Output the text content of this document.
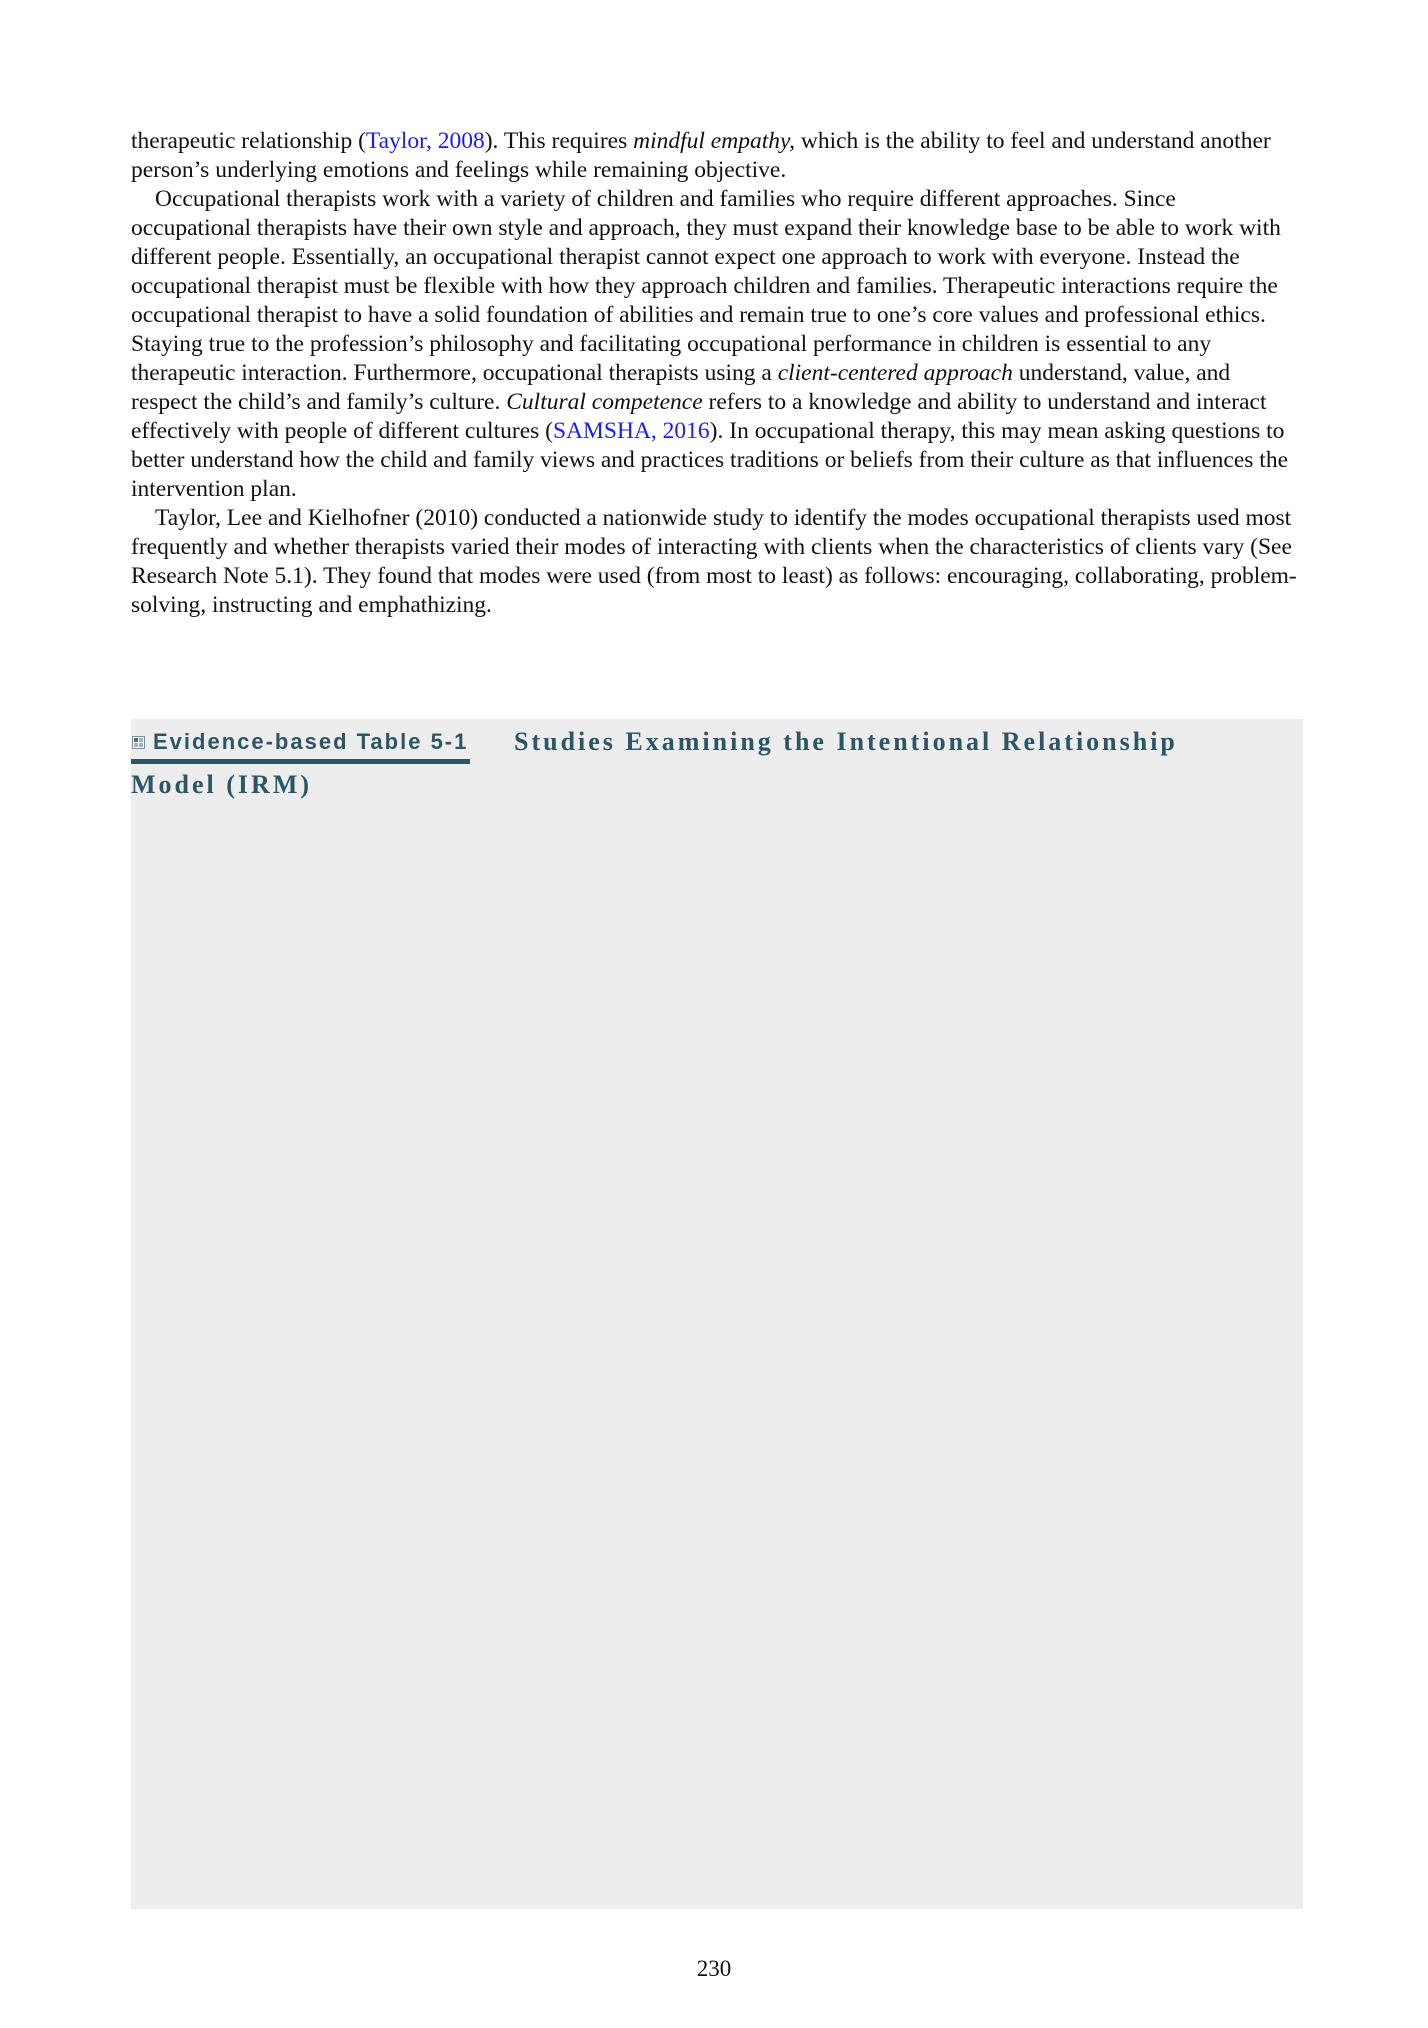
therapeutic relationship (Taylor, 2008). This requires mindful empathy, which is the ability to feel and understand another person’s underlying emotions and feelings while remaining objective.

Occupational therapists work with a variety of children and families who require different approaches. Since occupational therapists have their own style and approach, they must expand their knowledge base to be able to work with different people. Essentially, an occupational therapist cannot expect one approach to work with everyone. Instead the occupational therapist must be flexible with how they approach children and families. Therapeutic interactions require the occupational therapist to have a solid foundation of abilities and remain true to one’s core values and professional ethics. Staying true to the profession’s philosophy and facilitating occupational performance in children is essential to any therapeutic interaction. Furthermore, occupational therapists using a client-centered approach understand, value, and respect the child’s and family’s culture. Cultural competence refers to a knowledge and ability to understand and interact effectively with people of different cultures (SAMSHA, 2016). In occupational therapy, this may mean asking questions to better understand how the child and family views and practices traditions or beliefs from their culture as that influences the intervention plan.

Taylor, Lee and Kielhofner (2010) conducted a nationwide study to identify the modes occupational therapists used most frequently and whether therapists varied their modes of interacting with clients when the characteristics of clients vary (See Research Note 5.1). They found that modes were used (from most to least) as follows: encouraging, collaborating, problem-solving, instructing and emphathizing.

Evidence-based Table 5-1 Studies Examining the Intentional Relationship
Model (IRM)
230
